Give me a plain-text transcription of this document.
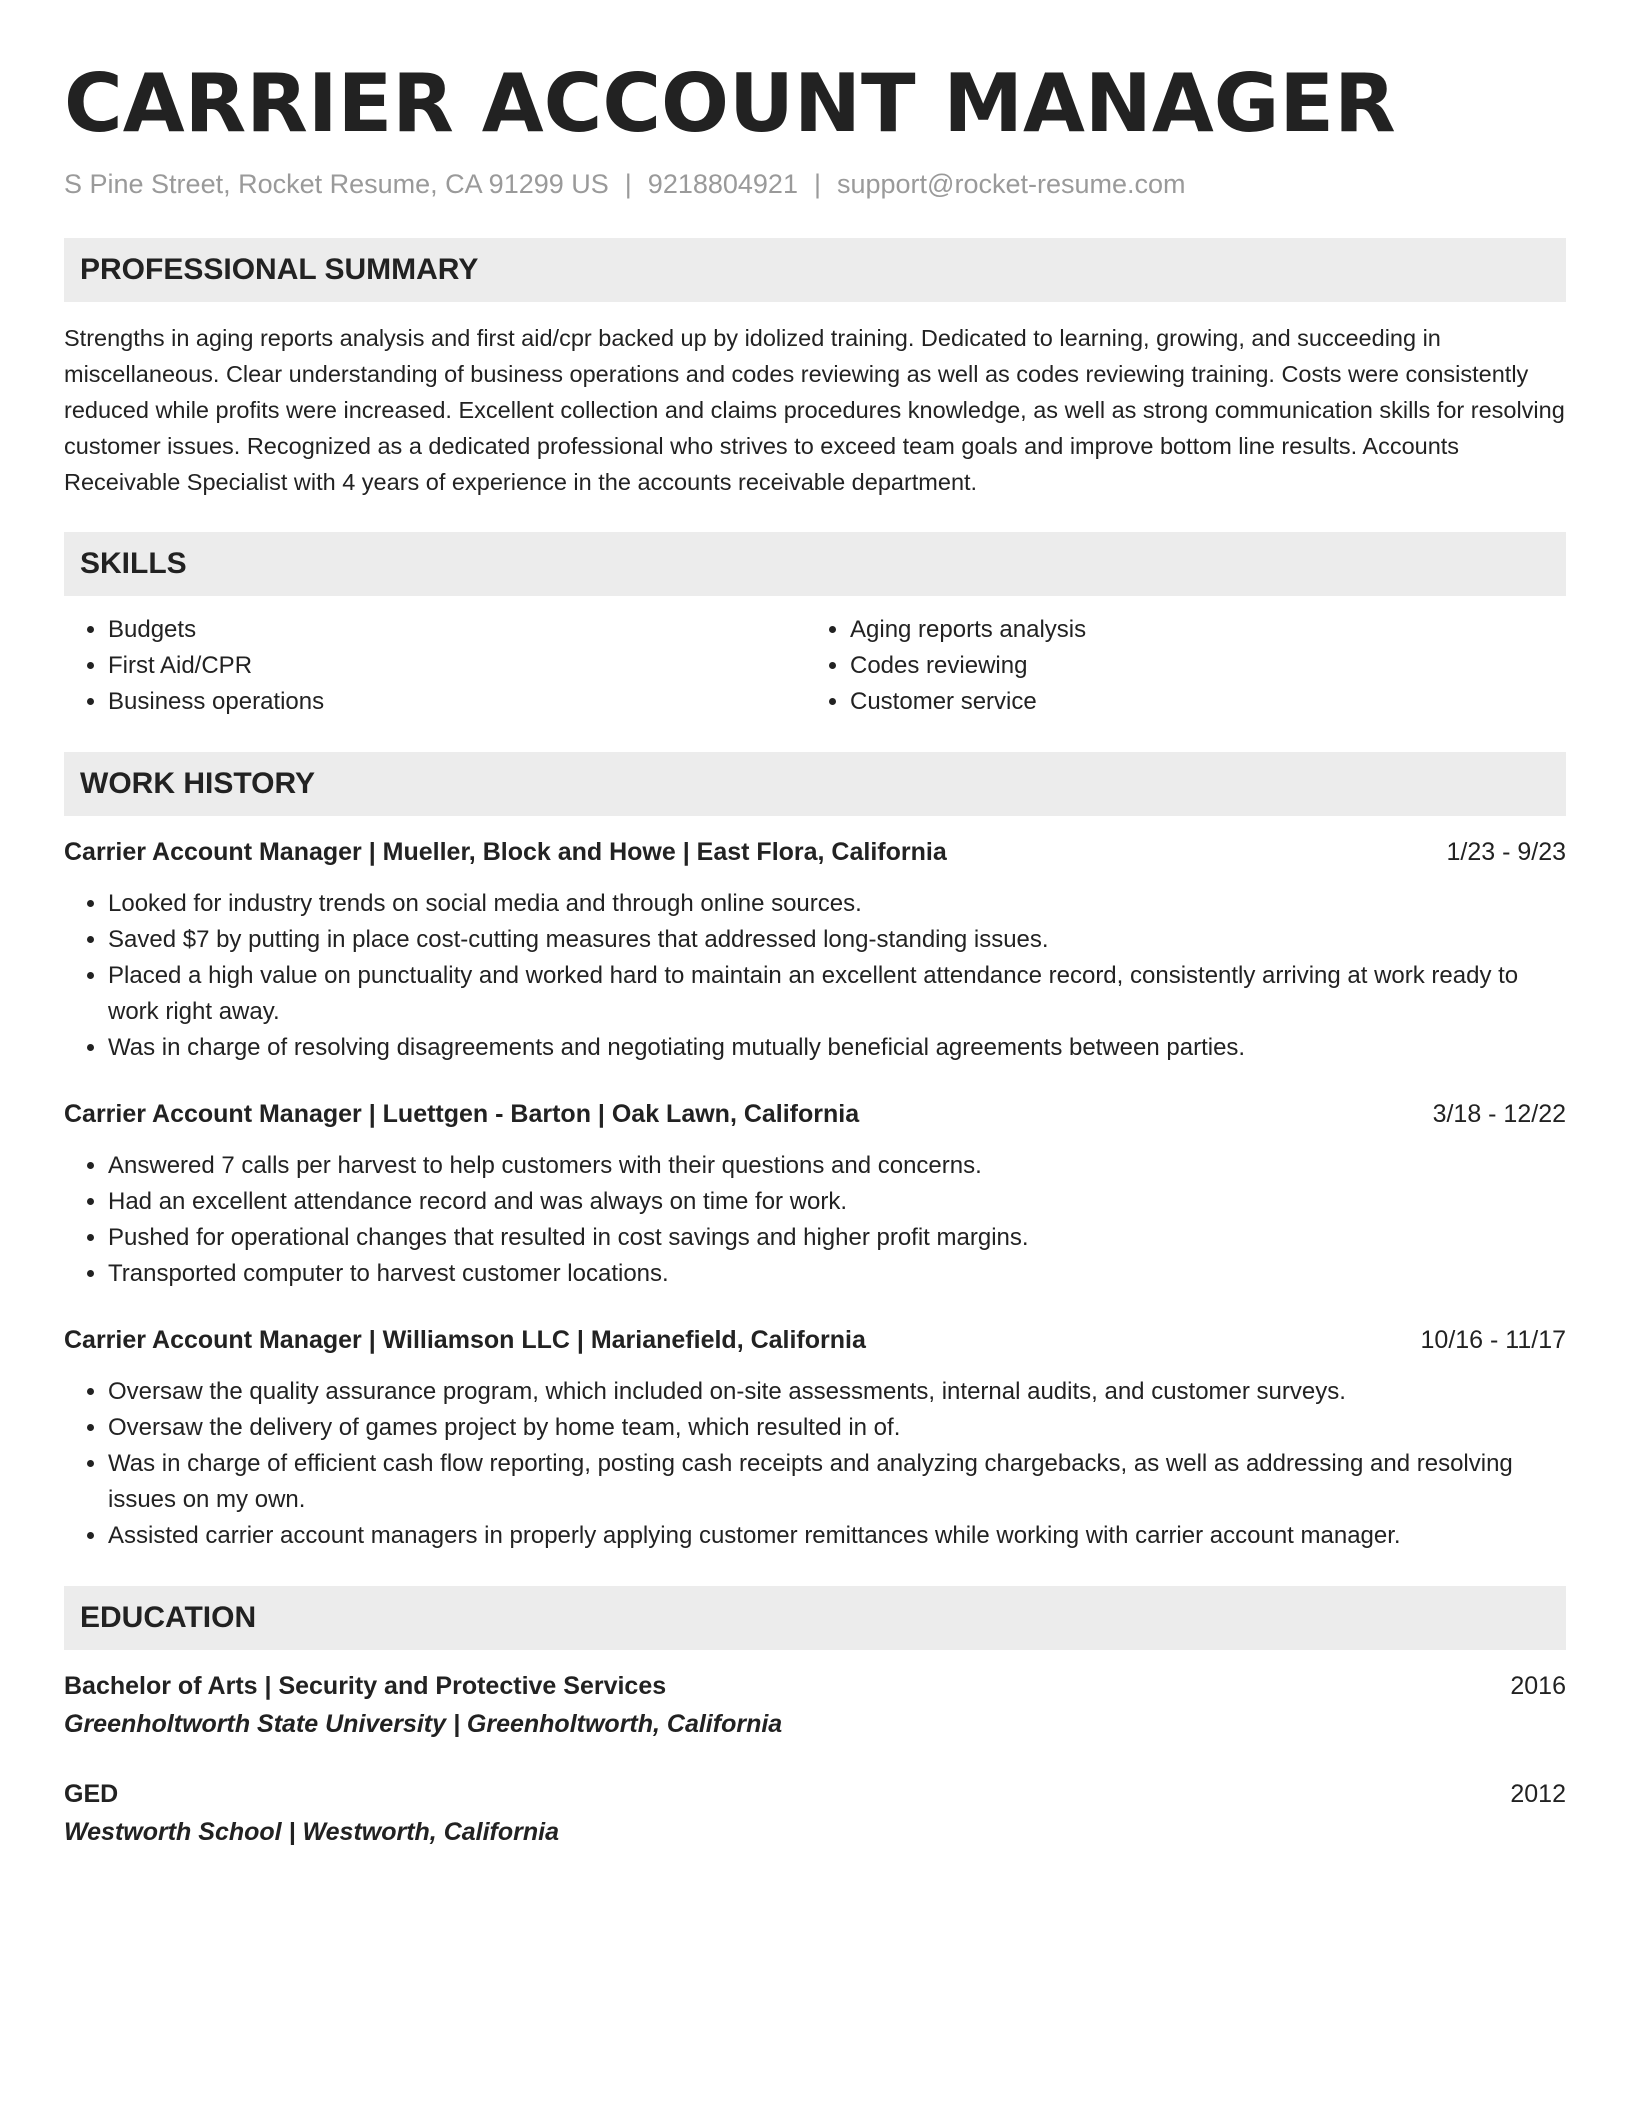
CARRIER ACCOUNT MANAGER
S Pine Street, Rocket Resume, CA 91299 US | 9218804921 | support@rocket-resume.com
PROFESSIONAL SUMMARY
Strengths in aging reports analysis and first aid/cpr backed up by idolized training. Dedicated to learning, growing, and succeeding in miscellaneous. Clear understanding of business operations and codes reviewing as well as codes reviewing training. Costs were consistently reduced while profits were increased. Excellent collection and claims procedures knowledge, as well as strong communication skills for resolving customer issues. Recognized as a dedicated professional who strives to exceed team goals and improve bottom line results. Accounts Receivable Specialist with 4 years of experience in the accounts receivable department.
SKILLS
• Budgets
• First Aid/CPR
• Business operations
• Aging reports analysis
• Codes reviewing
• Customer service
WORK HISTORY
Carrier Account Manager | Mueller, Block and Howe | East Flora, California	1/23 - 9/23
• Looked for industry trends on social media and through online sources.
• Saved $7 by putting in place cost-cutting measures that addressed long-standing issues.
• Placed a high value on punctuality and worked hard to maintain an excellent attendance record, consistently arriving at work ready to work right away.
• Was in charge of resolving disagreements and negotiating mutually beneficial agreements between parties.
Carrier Account Manager | Luettgen - Barton | Oak Lawn, California	3/18 - 12/22
• Answered 7 calls per harvest to help customers with their questions and concerns.
• Had an excellent attendance record and was always on time for work.
• Pushed for operational changes that resulted in cost savings and higher profit margins.
• Transported computer to harvest customer locations.
Carrier Account Manager | Williamson LLC | Marianefield, California	10/16 - 11/17
• Oversaw the quality assurance program, which included on-site assessments, internal audits, and customer surveys.
• Oversaw the delivery of games project by home team, which resulted in of.
• Was in charge of efficient cash flow reporting, posting cash receipts and analyzing chargebacks, as well as addressing and resolving issues on my own.
• Assisted carrier account managers in properly applying customer remittances while working with carrier account manager.
EDUCATION
Bachelor of Arts | Security and Protective Services	2016
Greenholtworth State University | Greenholtworth, California
GED	2012
Westworth School | Westworth, California
